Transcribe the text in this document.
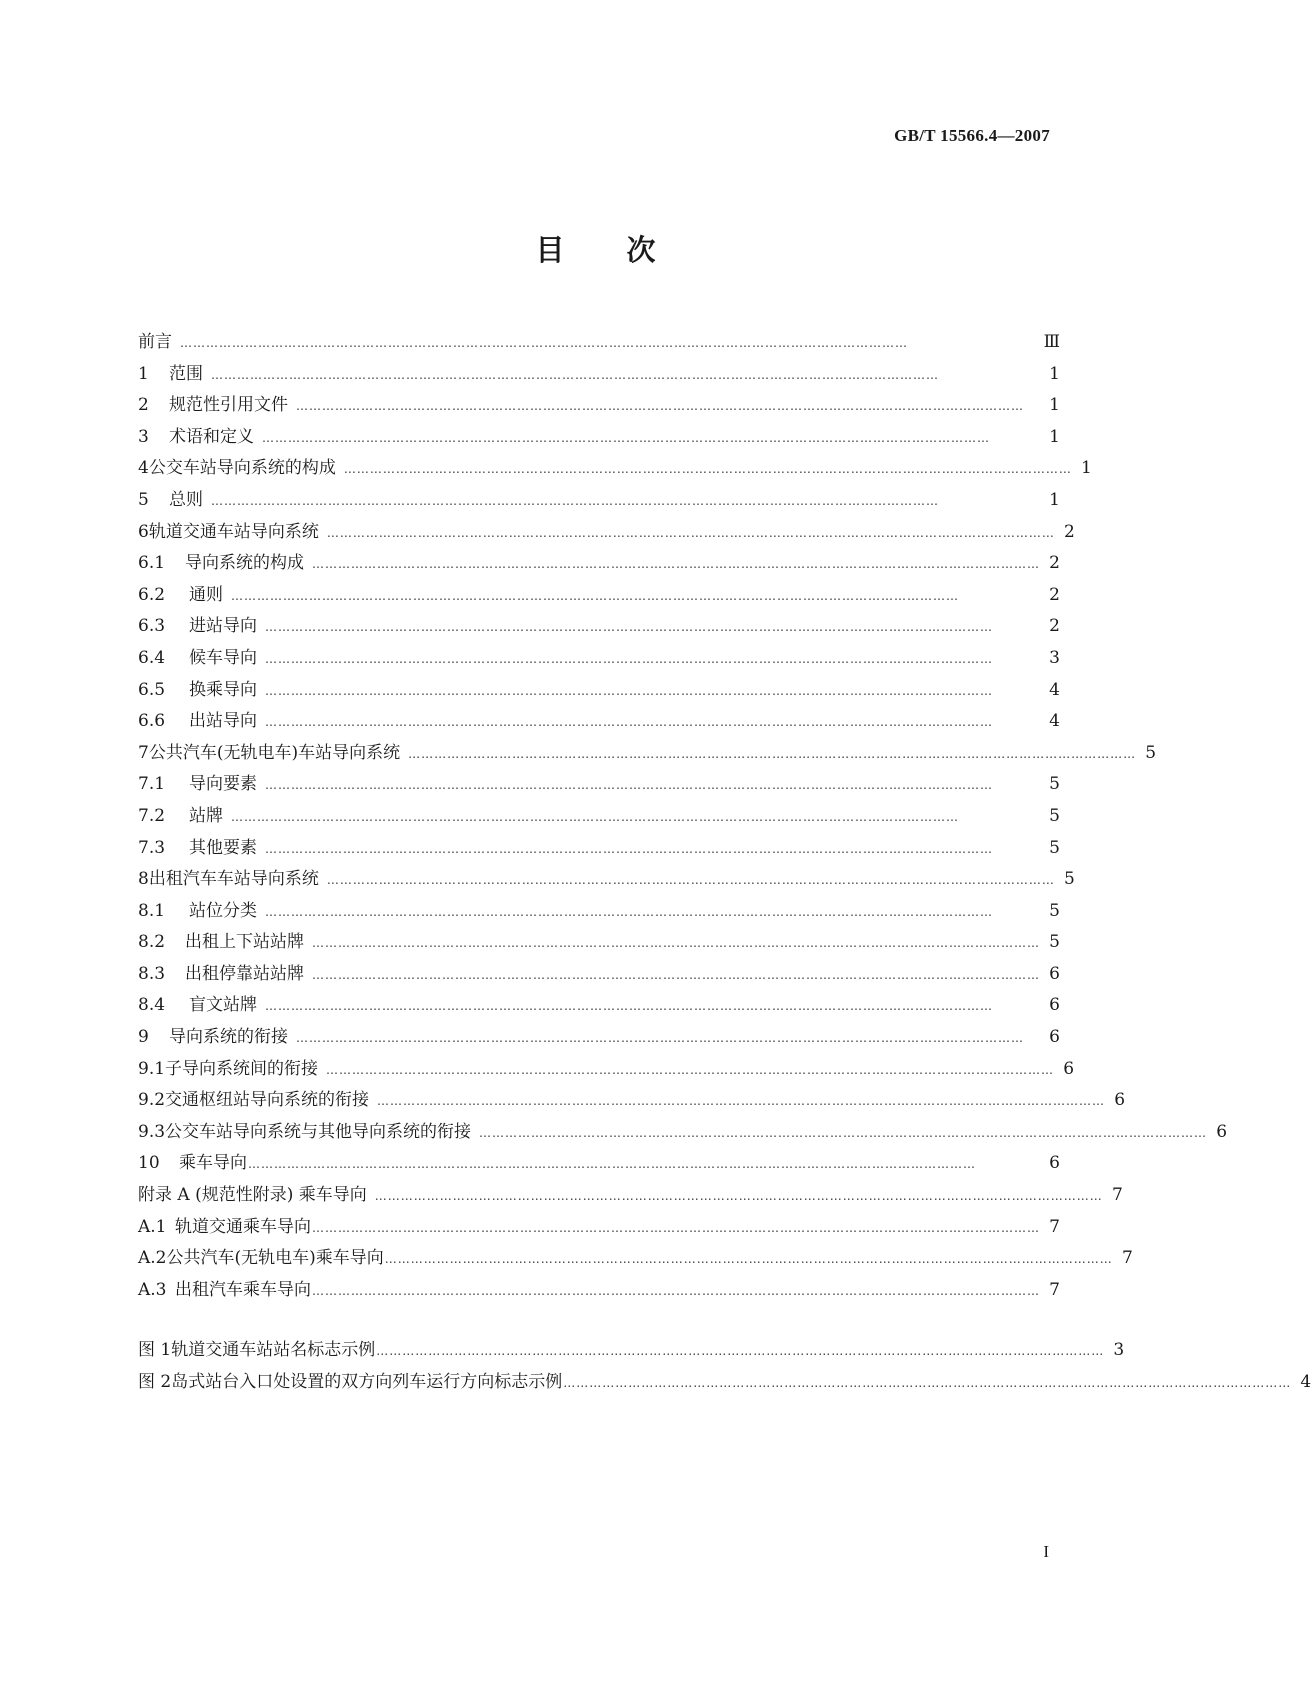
GB/T 15566.4—2007
目 次
前言 ……………………………………………………………………………………………………………………………………………………	Ⅲ
1	范围 ……………………………………………………………………………………………………………………………………………………	1
2	规范性引用文件 ……………………………………………………………………………………………………………………………………………………	1
3	术语和定义 ……………………………………………………………………………………………………………………………………………………	1
4 公交车站导向系统的构成 …………………………………………………………………………………………………………………………………………………… 1
5	总则 ……………………………………………………………………………………………………………………………………………………	1
6 轨道交通车站导向系统 …………………………………………………………………………………………………………………………………………………… 2
6.1	导向系统的构成 …………………………………………………………………………………………………………………………………………………… 2
6.2	通则 ……………………………………………………………………………………………………………………………………………………	2
6.3	进站导向 ……………………………………………………………………………………………………………………………………………………	2
6.4	候车导向 ……………………………………………………………………………………………………………………………………………………	3
6.5	换乘导向 ……………………………………………………………………………………………………………………………………………………	4
6.6	出站导向 ……………………………………………………………………………………………………………………………………………………	4
7 公共汽车(无轨电车)车站导向系统 …………………………………………………………………………………………………………………………………………………… 5
7.1	导向要素 ……………………………………………………………………………………………………………………………………………………	5
7.2	站牌 ……………………………………………………………………………………………………………………………………………………	5
7.3	其他要素 ……………………………………………………………………………………………………………………………………………………	5
8 出租汽车车站导向系统 …………………………………………………………………………………………………………………………………………………… 5
8.1	站位分类 ……………………………………………………………………………………………………………………………………………………	5
8.2	出租上下站站牌 …………………………………………………………………………………………………………………………………………………… 5
8.3	出租停靠站站牌 …………………………………………………………………………………………………………………………………………………… 6
8.4	盲文站牌 ……………………………………………………………………………………………………………………………………………………	6
9	导向系统的衔接 ……………………………………………………………………………………………………………………………………………………	6
9.1 子导向系统间的衔接 …………………………………………………………………………………………………………………………………………………… 6
9.2 交通枢纽站导向系统的衔接 …………………………………………………………………………………………………………………………………………………… 6
9.3 公交车站导向系统与其他导向系统的衔接 …………………………………………………………………………………………………………………………………………………… 6
10	乘车导向 ……………………………………………………………………………………………………………………………………………………	6
附录 A (规范性附录) 乘车导向 …………………………………………………………………………………………………………………………………………………… 7
A.1 轨道交通乘车导向 …………………………………………………………………………………………………………………………………………………… 7
A.2 公共汽车(无轨电车)乘车导向 …………………………………………………………………………………………………………………………………………………… 7
A.3 出租汽车乘车导向 …………………………………………………………………………………………………………………………………………………… 7
图 1 轨道交通车站站名标志示例 …………………………………………………………………………………………………………………………………………………… 3
图 2 岛式站台入口处设置的双方向列车运行方向标志示例 …………………………………………………………………………………………………………………………………………………… 4
I
